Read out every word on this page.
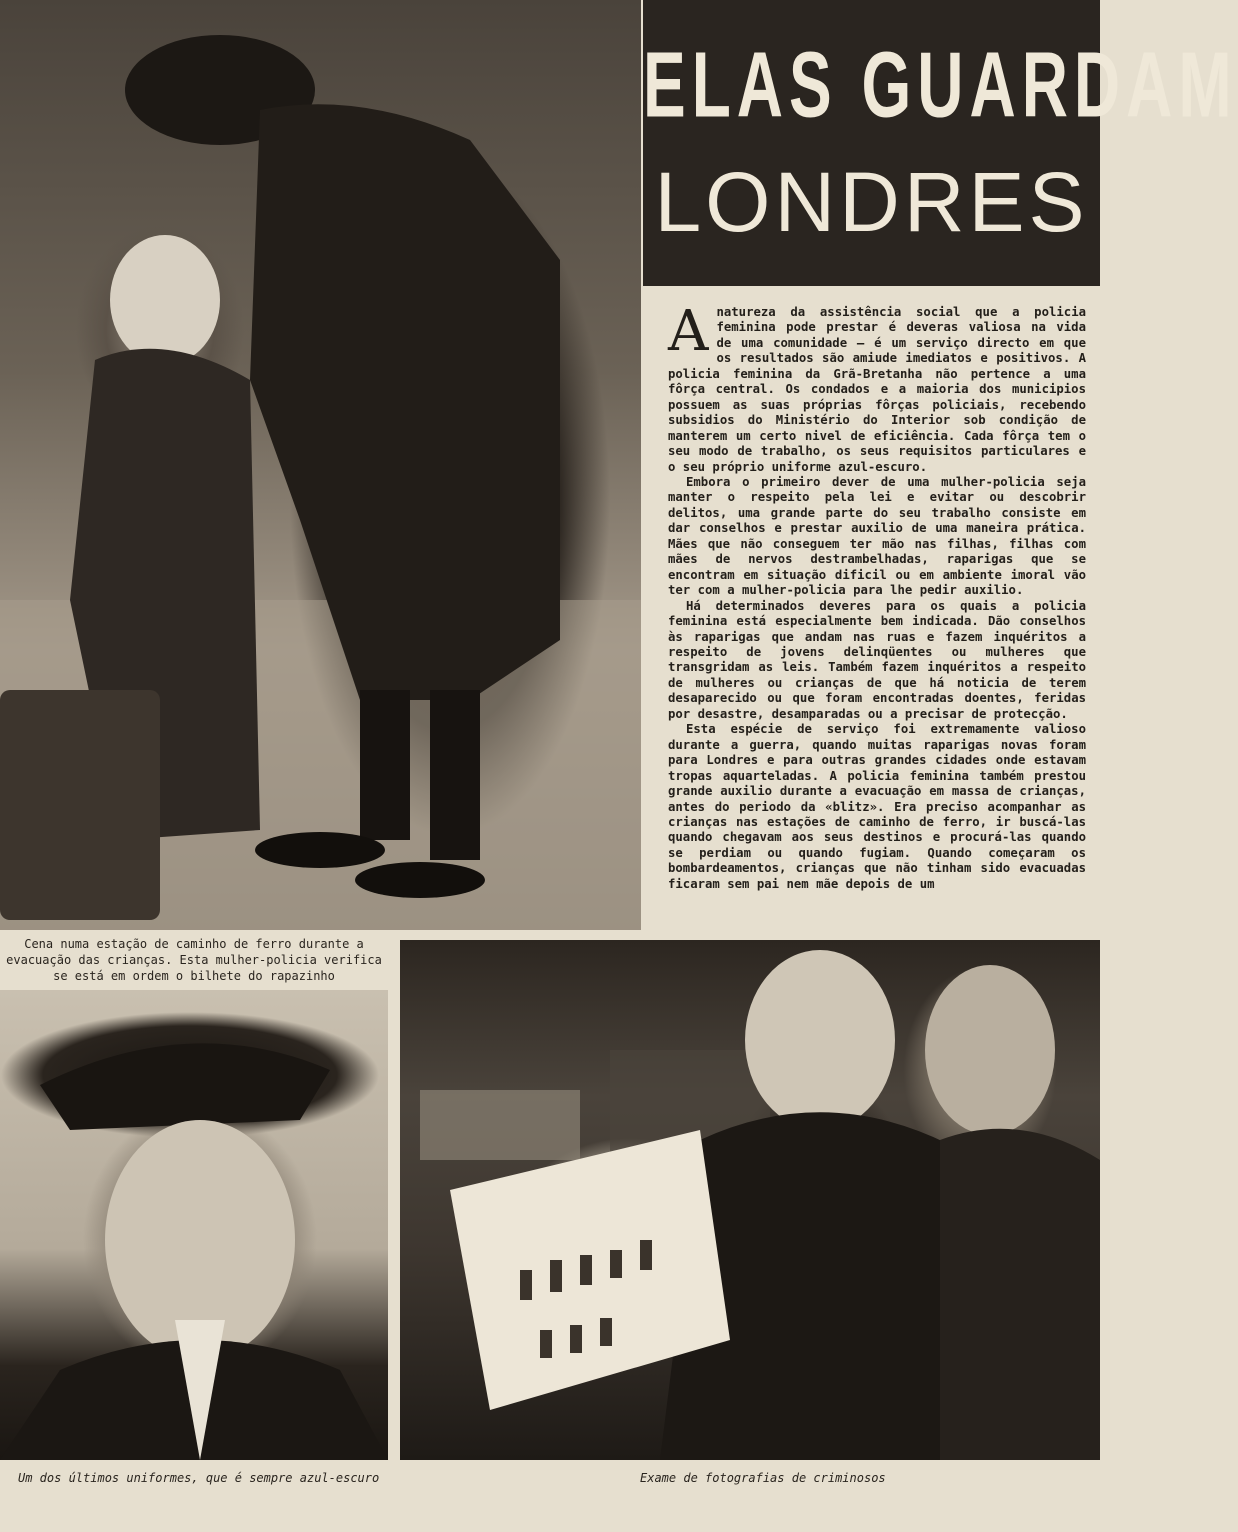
ELAS GUARDAM
LONDRES

Anatureza da assistência social que a policia feminina pode prestar é deveras valiosa na vida de uma comunidade — é um serviço directo em que os resultados são amiude imediatos e positivos. A policia feminina da Grã-Bretanha não pertence a uma fôrça central. Os condados e a maioria dos municipios possuem as suas próprias fôrças policiais, recebendo subsidios do Ministério do Interior sob condição de manterem um certo nivel de eficiência. Cada fôrça tem o seu modo de trabalho, os seus requisitos particulares e o seu próprio uniforme azul-escuro.

Embora o primeiro dever de uma mulher-policia seja manter o respeito pela lei e evitar ou descobrir delitos, uma grande parte do seu trabalho consiste em dar conselhos e prestar auxilio de uma maneira prática. Mães que não conseguem ter mão nas filhas, filhas com mães de nervos destrambelhadas, raparigas que se encontram em situação dificil ou em ambiente imoral vão ter com a mulher-policia para lhe pedir auxilio.

Há determinados deveres para os quais a policia feminina está especialmente bem indicada. Dão conselhos às raparigas que andam nas ruas e fazem inquéritos a respeito de jovens delinqüentes ou mulheres que transgridam as leis. Também fazem inquéritos a respeito de mulheres ou crianças de que há noticia de terem desaparecido ou que foram encontradas doentes, feridas por desastre, desamparadas ou a precisar de protecção.

Esta espécie de serviço foi extremamente valioso durante a guerra, quando muitas raparigas novas foram para Londres e para outras grandes cidades onde estavam tropas aquarteladas. A policia feminina também prestou grande auxilio durante a evacuação em massa de crianças, antes do periodo da «blitz». Era preciso acompanhar as crianças nas estações de caminho de ferro, ir buscá-las quando chegavam aos seus destinos e procurá-las quando se perdiam ou quando fugiam. Quando começaram os bombardeamentos, crianças que não tinham sido evacuadas ficaram sem pai nem mãe depois de um

Cena numa estação de caminho de ferro durante a evacuação das crianças. Esta mulher-policia verifica se está em ordem o bilhete do rapazinho
Um dos últimos uniformes, que é sempre azul-escuro	Exame de fotografias de criminosos
